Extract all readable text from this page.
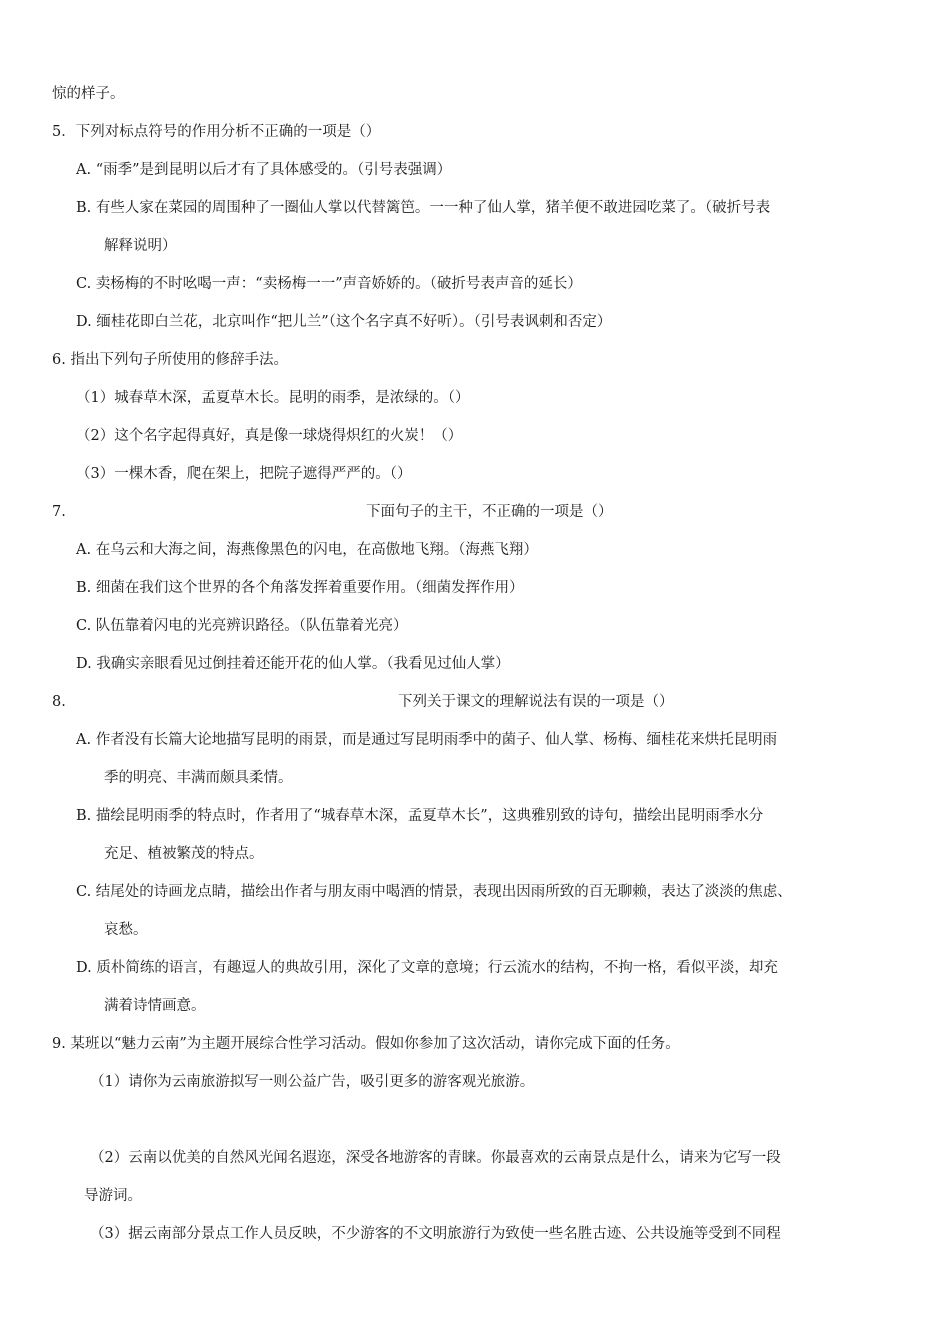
惊的样子。
5．下列对标点符号的作用分析不正确的一项是（）
A. “雨季”是到昆明以后才有了具体感受的。（引号表强调）
B. 有些人家在菜园的周围种了一圈仙人掌以代替篱笆。一一种了仙人掌，猪羊便不敢进园吃菜了。（破折号表
解释说明）
C. 卖杨梅的不时吆喝一声：“卖杨梅一一”声音娇娇的。（破折号表声音的延长）
D. 缅桂花即白兰花，北京叫作“把儿兰”（这个名字真不好听）。（引号表讽刺和否定）
6. 指出下列句子所使用的修辞手法。
（1）城春草木深，孟夏草木长。昆明的雨季，是浓绿的。（）
（2）这个名字起得真好，真是像一球烧得炽红的火炭！（）
（3）一棵木香，爬在架上，把院子遮得严严的。（）
7.	下面句子的主干，不正确的一项是（）
A. 在乌云和大海之间，海燕像黑色的闪电，在高傲地飞翔。（海燕飞翔）
B. 细菌在我们这个世界的各个角落发挥着重要作用。（细菌发挥作用）
C. 队伍靠着闪电的光亮辨识路径。（队伍靠着光亮）
D. 我确实亲眼看见过倒挂着还能开花的仙人掌。（我看见过仙人掌）
8.	下列关于课文的理解说法有误的一项是（）
A. 作者没有长篇大论地描写昆明的雨景，而是通过写昆明雨季中的菌子、仙人掌、杨梅、缅桂花来烘托昆明雨
季的明亮、丰满而颇具柔情。
B. 描绘昆明雨季的特点时，作者用了“城春草木深，孟夏草木长”，这典雅别致的诗句，描绘出昆明雨季水分
充足、植被繁茂的特点。
C. 结尾处的诗画龙点睛，描绘出作者与朋友雨中喝酒的情景，表现出因雨所致的百无聊赖，表达了淡淡的焦虑、
哀愁。
D. 质朴简练的语言，有趣逗人的典故引用，深化了文章的意境；行云流水的结构，不拘一格，看似平淡，却充
满着诗情画意。
9. 某班以“魅力云南”为主题开展综合性学习活动。假如你参加了这次活动，请你完成下面的任务。
（1）请你为云南旅游拟写一则公益广告，吸引更多的游客观光旅游。
（2）云南以优美的自然风光闻名遐迩，深受各地游客的青睐。你最喜欢的云南景点是什么，请来为它写一段
导游词。
（3）据云南部分景点工作人员反映，不少游客的不文明旅游行为致使一些名胜古迹、公共设施等受到不同程
